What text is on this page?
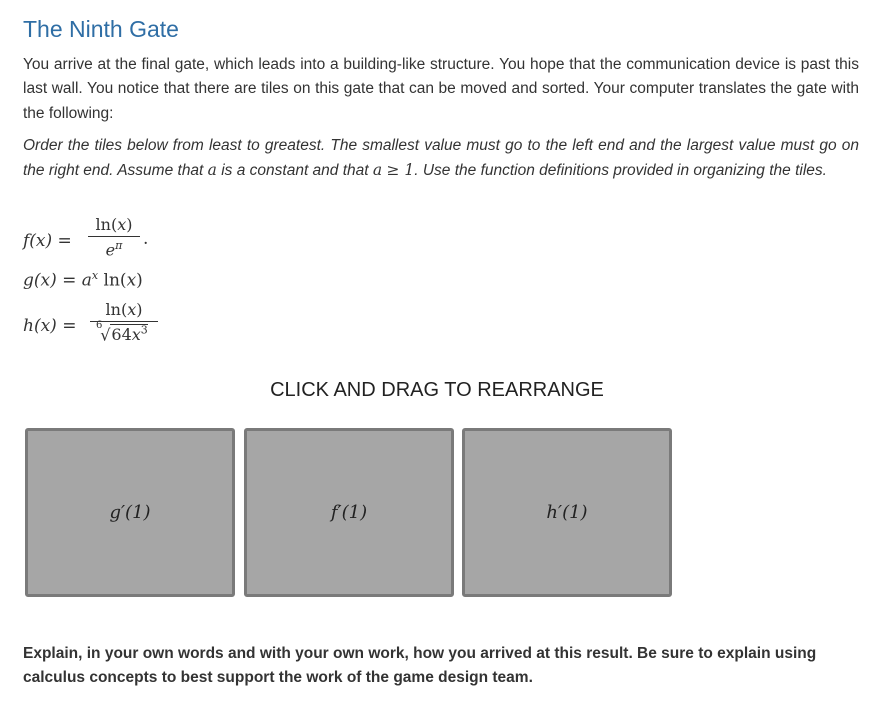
The Ninth Gate
You arrive at the final gate, which leads into a building-like structure. You hope that the communication device is past this last wall. You notice that there are tiles on this gate that can be moved and sorted. Your computer translates the gate with the following:
Order the tiles below from least to greatest. The smallest value must go to the left end and the largest value must go on the right end. Assume that a is a constant and that a ≥ 1. Use the function definitions provided in organizing the tiles.
f(x) =
ln(x)
$e^\pi$	.
$g(x) = a^x$ ln(x)
h(x) =
ln(x)
6
$√64x^3$
CLICK AND DRAG TO REARRANGE
g′(1)	f′(1)	h′(1)
Explain, in your own words and with your own work, how you arrived at this result. Be sure to explain using calculus concepts to best support the work of the game design team.
